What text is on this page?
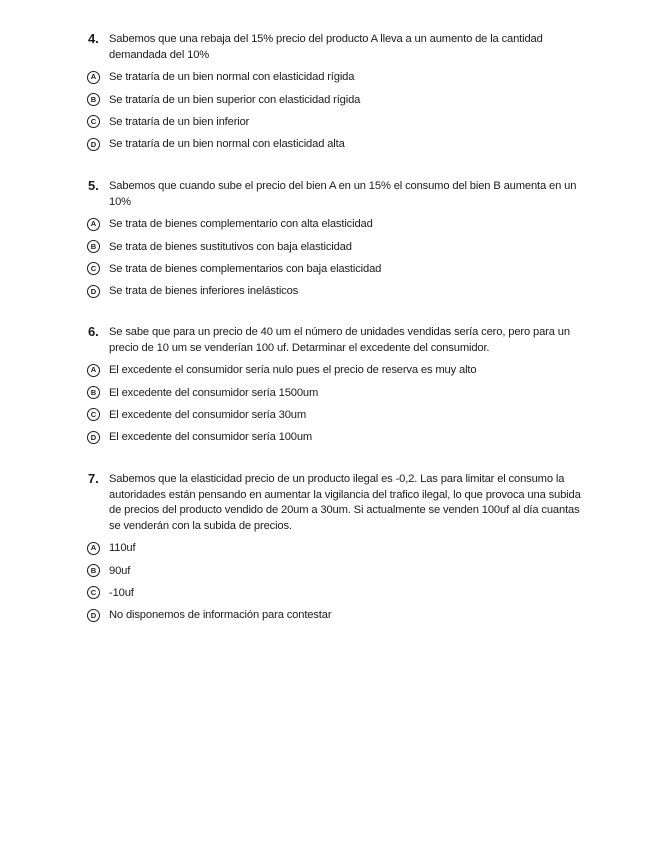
4. Sabemos que una rebaja del 15% precio del producto A lleva a un aumento de la cantidad demandada del 10%
A	Se trataría de un bien normal con elasticidad rígida
B	Se trataría de un bien superior con elasticidad rígida
C	Se trataría de un bien inferior
D	Se trataría de un bien normal con elasticidad alta
5. Sabemos que cuando sube el precio del bien A en un 15% el consumo del bien B aumenta en un 10%
A	Se trata de bienes complementario con alta elasticidad
B	Se trata de bienes sustitutivos con baja elasticidad
C	Se trata de bienes complementarios con baja elasticidad
D	Se trata de bienes inferiores inelásticos
6. Se sabe que para un precio de 40 um el número de unidades vendidas sería cero, pero para un precio de 10 um se venderían 100 uf. Detarminar el excedente del consumidor.
A	El excedente el consumidor sería nulo pues el precio de reserva es muy alto
B	El excedente del consumidor sería 1500um
C	El excedente del consumidor sería 30um
D	El excedente del consumidor sería 100um
7. Sabemos que la elasticidad precio de un producto ilegal es -0,2. Las para limitar el consumo la autoridades están pensando en aumentar la vigilancia del trafico ilegal, lo que provoca una subida de precios del producto vendido de 20um a 30um. Si actualmente se venden 100uf al día cuantas se venderán con la subida de precios.
A	110uf
B	90uf
C	-10uf
D	No disponemos de información para contestar
